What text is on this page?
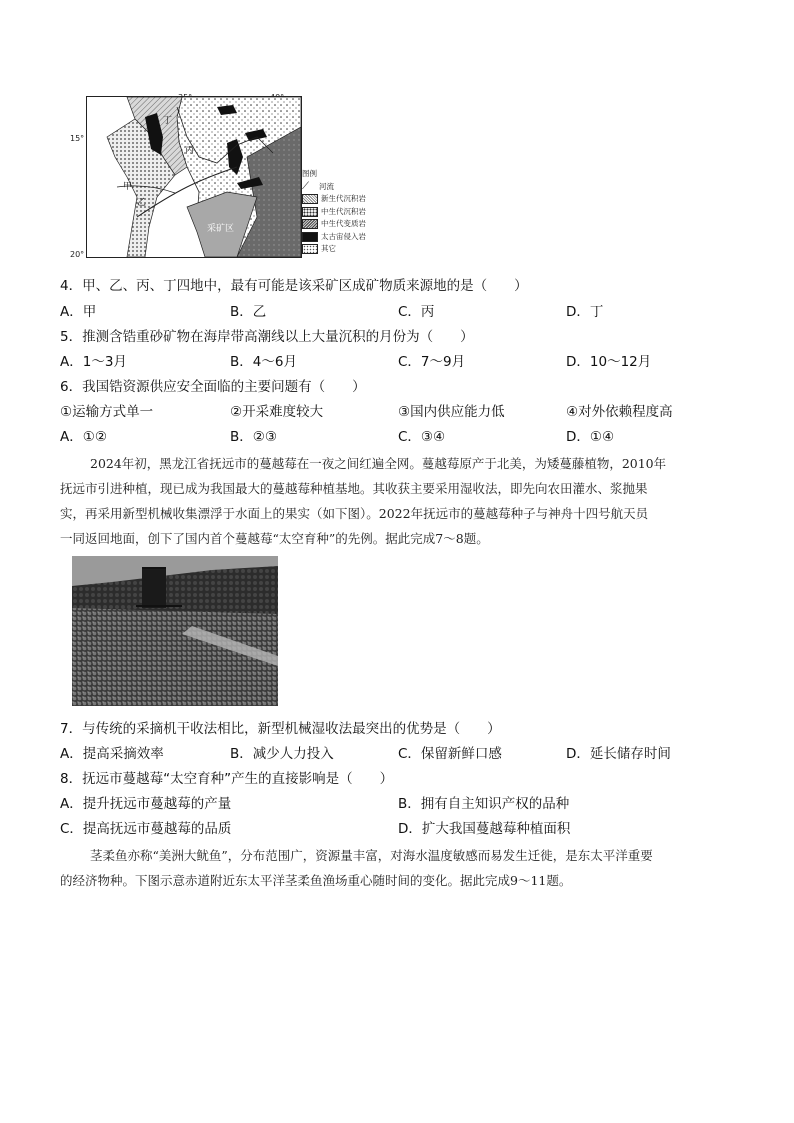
15°
20°
丁
丙
甲
乙
采矿区
图例
⟋	河流
新生代沉积岩
中生代沉积岩
中生代变质岩
太古宙侵入岩
其它
4．甲、乙、丙、丁四地中，最有可能是该采矿区成矿物质来源地的是（　　）
A．甲	B．乙	C．丙	D．丁
5．推测含锆重砂矿物在海岸带高潮线以上大量沉积的月份为（　　）
A．1～3月	B．4～6月	C．7～9月	D．10～12月
6．我国锆资源供应安全面临的主要问题有（　　）
①运输方式单一	②开采难度较大	③国内供应能力低	④对外依赖程度高
A．①②	B．②③	C．③④	D．①④
2024年初，黑龙江省抚远市的蔓越莓在一夜之间红遍全网。蔓越莓原产于北美，为矮蔓藤植物，2010年
抚远市引进种植，现已成为我国最大的蔓越莓种植基地。其收获主要采用湿收法，即先向农田灌水、浆抛果
实，再采用新型机械收集漂浮于水面上的果实（如下图）。2022年抚远市的蔓越莓种子与神舟十四号航天员
一同返回地面，创下了国内首个蔓越莓“太空育种”的先例。据此完成7～8题。
7．与传统的采摘机干收法相比，新型机械湿收法最突出的优势是（　　）
A．提高采摘效率	B．减少人力投入	C．保留新鲜口感	D．延长储存时间
8．抚远市蔓越莓“太空育种”产生的直接影响是（　　）
A．提升抚远市蔓越莓的产量	B．拥有自主知识产权的品种
C．提高抚远市蔓越莓的品质	D．扩大我国蔓越莓种植面积
茎柔鱼亦称“美洲大鱿鱼”，分布范围广，资源量丰富，对海水温度敏感而易发生迁徙，是东太平洋重要
的经济物种。下图示意赤道附近东太平洋茎柔鱼渔场重心随时间的变化。据此完成9～11题。
